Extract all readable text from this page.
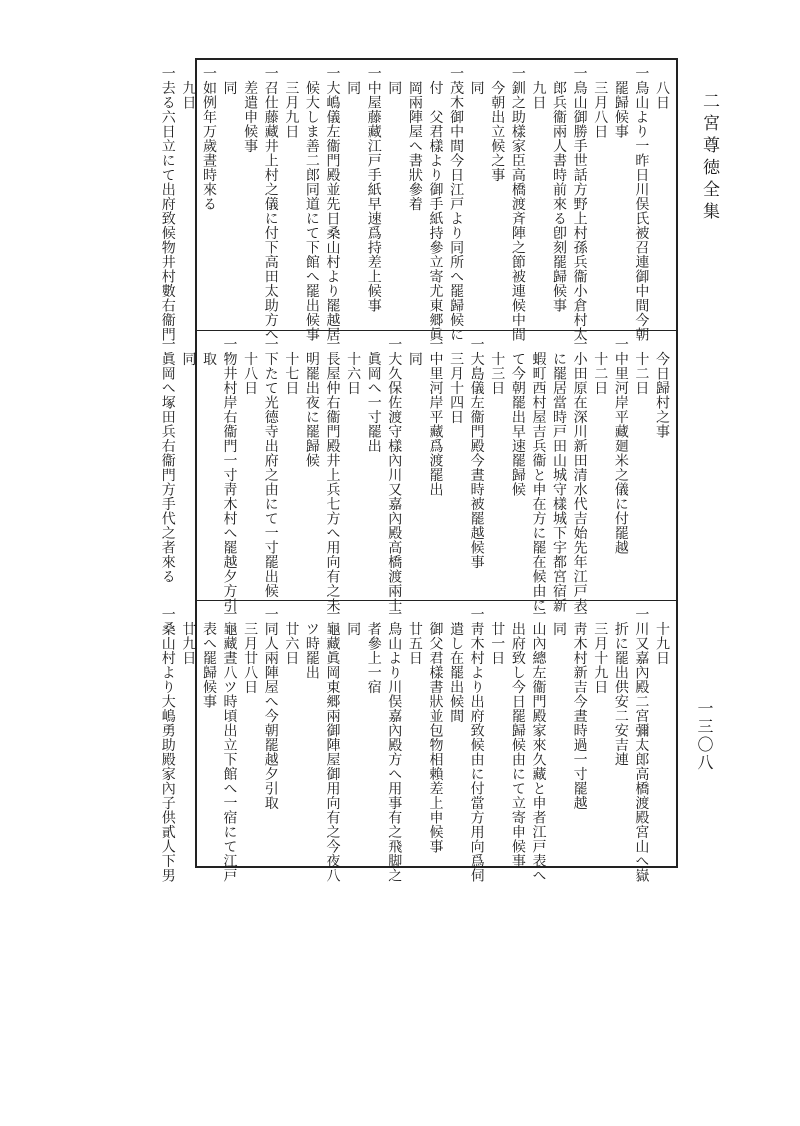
二宮尊徳全集
　八日
一鳥山より一昨日川俣氏被召連御中間今朝
　罷歸候事
　三月八日
一鳥山御勝手世話方野上村孫兵衞小倉村太
　郎兵衞兩人書時前來る卽刻罷歸候事
　九日
一釧之助樣家臣高橋渡斉陣之節被連候中間
　今朝出立候之事
　同
一茂木御中間今日江戸より同所へ罷歸候に
　付　父君樣より御手紙持參立寄尤東郷眞
　岡兩陣屋へ書狀參着
　同
一中屋藤藏江戸手紙早速爲持差上候事
　同
一大嶋儀左衞門殿並先日桑山村より罷越居
　候大しま善二郎同道にて下館へ罷出候事
　三月九日
一召仕藤藏井上村之儀に付下高田太助方へ
　差遣申候事
　同
一如例年万歲晝時來る
　九日
一去る六日立にて出府致候物井村數右衞門
　今日歸村之事
　十二日
一中里河岸平藏廻米之儀に付罷越
　十二日
一小田原在深川新田清水代吉始先年江戸表
　に罷居當時戸田山城守樣城下宇都宮宿新
　蝦町西村屋吉兵衞と申在方に罷在候由に
　て今朝罷出早速罷歸候
　十三日
一大島儀左衞門殿今晝時被罷越候事
　三月十四日
一中里河岸平藏爲渡罷出
　同
一大久保佐渡守樣內川又嘉內殿高橋渡兩士
　眞岡へ一寸罷出
　十六日
一長屋仲右衞門殿井上兵七方へ用向有之未
　明罷出夜に罷歸候
　十七日
一下たて光德寺出府之由にて一寸罷出候
　十八日
一物井村岸右衞門一寸靑木村へ罷越夕方引
　取
　同
一眞岡へ塚田兵右衞門方手代之者來る
　十九日
一川又嘉內殿二宮彌太郎高橋渡殿宮山へ嶽
　折に罷出供安二安吉連
　三月十九日
一靑木村新吉今晝時過一寸罷越
　同
一山內總左衞門殿家來久藏と申者江戸表へ
　出府致し今日罷歸候由にて立寄申候事
　廿一日
一靑木村より出府致候由に付當方用向爲伺
　遣し在罷出候間
　御父君樣書狀並包物相賴差上申候事
　廿五日
一鳥山より川俣嘉內殿方へ用事有之飛脚之
　者參上一宿
　同
一龜藏眞岡東郷兩御陣屋御用向有之今夜八
　ツ時罷出
　廿六日
一同人兩陣屋へ今朝罷越夕引取
　三月廿八日
一龜藏晝八ツ時頃出立下館へ一宿にて江戸
　表へ罷歸候事
　廿九日
一桑山村より大嶋勇助殿家內子供貳人下男	一三〇八
